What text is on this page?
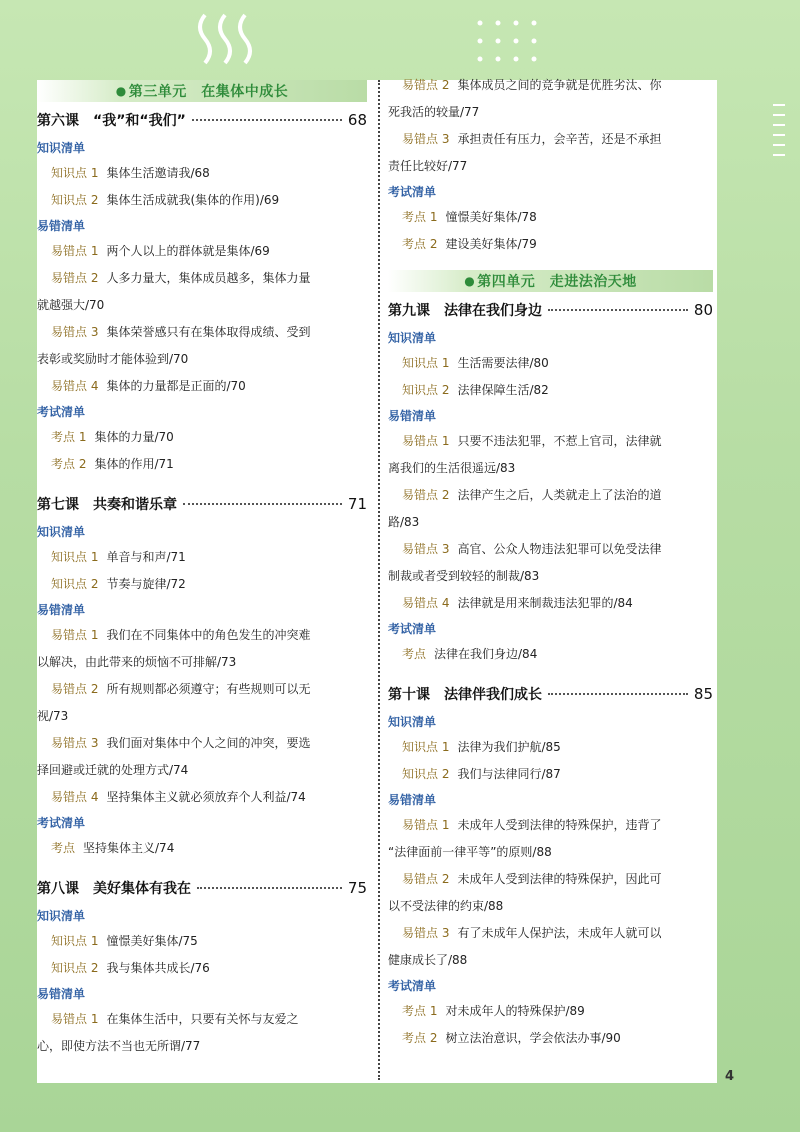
● 第三单元　在集体中成长
第六课　“我”和“我们”	68
知识清单
知识点 1 集体生活邀请我/68
知识点 2 集体生活成就我(集体的作用)/69
易错清单
易错点 1 两个人以上的群体就是集体/69
易错点 2 人多力量大，集体成员越多，集体力量
就越强大/70
易错点 3 集体荣誉感只有在集体取得成绩、受到
表彰或奖励时才能体验到/70
易错点 4 集体的力量都是正面的/70
考试清单
考点 1 集体的力量/70
考点 2 集体的作用/71
第七课　共奏和谐乐章	71
知识清单
知识点 1 单音与和声/71
知识点 2 节奏与旋律/72
易错清单
易错点 1 我们在不同集体中的角色发生的冲突难
以解决，由此带来的烦恼不可排解/73
易错点 2 所有规则都必须遵守；有些规则可以无
视/73
易错点 3 我们面对集体中个人之间的冲突，要选
择回避或迁就的处理方式/74
易错点 4 坚持集体主义就必须放弃个人利益/74
考试清单
考点 坚持集体主义/74
第八课　美好集体有我在	75
知识清单
知识点 1 憧憬美好集体/75
知识点 2 我与集体共成长/76
易错清单
易错点 1 在集体生活中，只要有关怀与友爱之
心，即使方法不当也无所谓/77
易错点 2 集体成员之间的竞争就是优胜劣汰、你
死我活的较量/77
易错点 3 承担责任有压力，会辛苦，还是不承担
责任比较好/77
考试清单
考点 1 憧憬美好集体/78
考点 2 建设美好集体/79
● 第四单元　走进法治天地
第九课　法律在我们身边	80
知识清单
知识点 1 生活需要法律/80
知识点 2 法律保障生活/82
易错清单
易错点 1 只要不违法犯罪，不惹上官司，法律就
离我们的生活很遥远/83
易错点 2 法律产生之后，人类就走上了法治的道
路/83
易错点 3 高官、公众人物违法犯罪可以免受法律
制裁或者受到较轻的制裁/83
易错点 4 法律就是用来制裁违法犯罪的/84
考试清单
考点 法律在我们身边/84
第十课　法律伴我们成长	85
知识清单
知识点 1 法律为我们护航/85
知识点 2 我们与法律同行/87
易错清单
易错点 1 未成年人受到法律的特殊保护，违背了
“法律面前一律平等”的原则/88
易错点 2 未成年人受到法律的特殊保护，因此可
以不受法律的约束/88
易错点 3 有了未成年人保护法，未成年人就可以
健康成长了/88
考试清单
考点 1 对未成年人的特殊保护/89
考点 2 树立法治意识，学会依法办事/90
4
